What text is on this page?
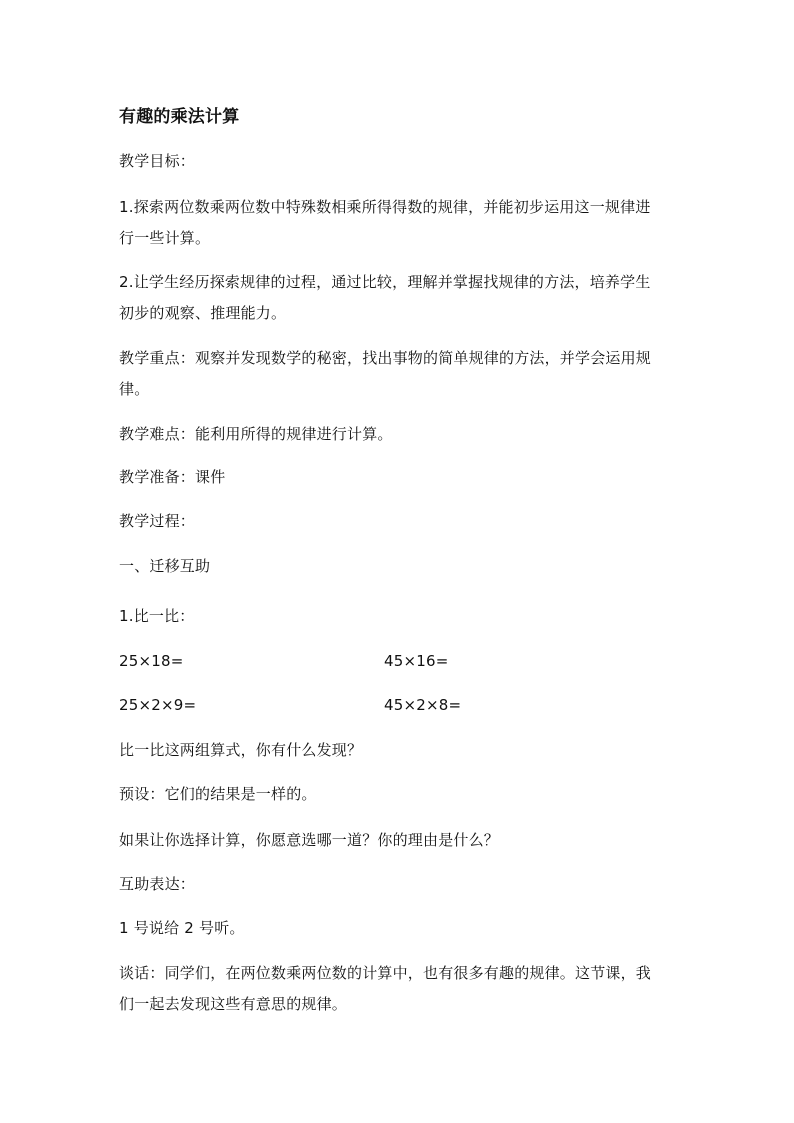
有趣的乘法计算
教学目标：
1.探索两位数乘两位数中特殊数相乘所得得数的规律，并能初步运用这一规律进
行一些计算。
2.让学生经历探索规律的过程，通过比较，理解并掌握找规律的方法，培养学生
初步的观察、推理能力。
教学重点：观察并发现数学的秘密，找出事物的简单规律的方法，并学会运用规
律。
教学难点：能利用所得的规律进行计算。
教学准备：课件
教学过程：
一、迁移互助
1.比一比：
25×18=	45×16=
25×2×9=	45×2×8=
比一比这两组算式，你有什么发现？
预设：它们的结果是一样的。
如果让你选择计算，你愿意选哪一道？你的理由是什么？
互助表达：
1 号说给 2 号听。
谈话：同学们，在两位数乘两位数的计算中，也有很多有趣的规律。这节课，我
们一起去发现这些有意思的规律。
